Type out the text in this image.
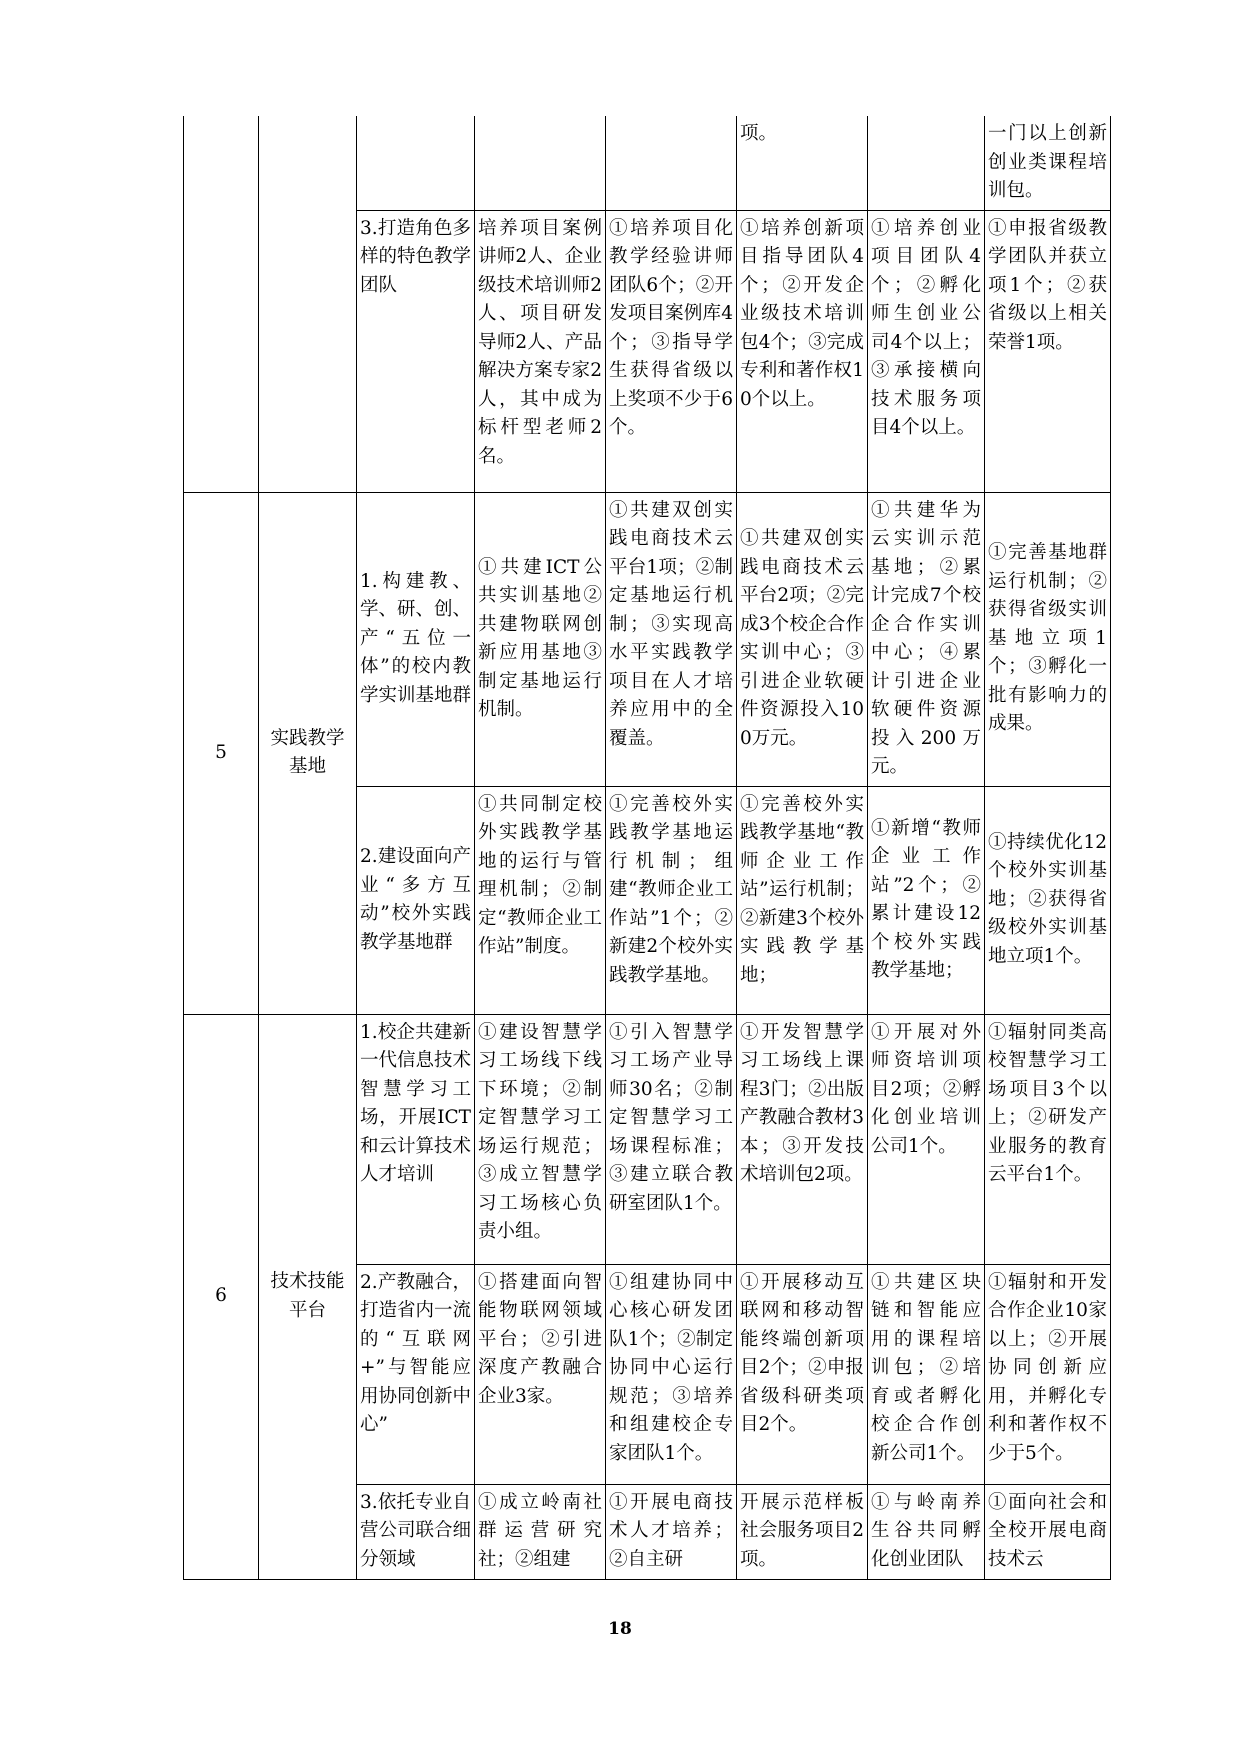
					项。		一门以上创新创业类课程培训包。

		3.打造角色多样的特色教学团队	培养项目案例讲师2人、企业级技术培训师2人、项目研发导师2人、产品解决方案专家2人，其中成为标杆型老师2名。	①培养项目化教学经验讲师团队6个；②开发项目案例库4个；③指导学生获得省级以上奖项不少于6个。	①培养创新项目指导团队4个；②开发企业级技术培训包4个；③完成专利和著作权10个以上。	①培养创业项目团队4个；②孵化师生创业公司4个以上；③承接横向技术服务项目4个以上。	①申报省级教学团队并获立项1个；②获省级以上相关荣誉1项。

5	实践教学基地	1.构建教、学、研、创、产“五位一体”的校内教学实训基地群	①共建ICT公共实训基地②共建物联网创新应用基地③制定基地运行机制。	①共建双创实践电商技术云平台1项；②制定基地运行机制；③实现高水平实践教学项目在人才培养应用中的全覆盖。	①共建双创实践电商技术云平台2项；②完成3个校企合作实训中心；③引进企业软硬件资源投入100万元。	①共建华为云实训示范基地；②累计完成7个校企合作实训中心；④累计引进企业软硬件资源投入200万元。	①完善基地群运行机制；②获得省级实训基地立项1个；③孵化一批有影响力的成果。

		2.建设面向产业“多方互动”校外实践教学基地群	①共同制定校外实践教学基地的运行与管理机制；②制定“教师企业工作站”制度。	①完善校外实践教学基地运行机制；组建“教师企业工作站”1个；②新建2个校外实践教学基地。	①完善校外实践教学基地“教师企业工作站”运行机制；②新建3个校外实践教学基地；	①新增“教师企业工作站”2个；②累计建设12个校外实践教学基地；	①持续优化12个校外实训基地；②获得省级校外实训基地立项1个。

6	技术技能平台	1.校企共建新一代信息技术智慧学习工场，开展ICT和云计算技术人才培训	①建设智慧学习工场线下线下环境；②制定智慧学习工场运行规范；③成立智慧学习工场核心负责小组。	①引入智慧学习工场产业导师30名；②制定智慧学习工场课程标准；③建立联合教研室团队1个。	①开发智慧学习工场线上课程3门；②出版产教融合教材3本；③开发技术培训包2项。	①开展对外师资培训项目2项；②孵化创业培训公司1个。	①辐射同类高校智慧学习工场项目3个以上；②研发产业服务的教育云平台1个。

		2.产教融合，打造省内一流的“互联网+”与智能应用协同创新中心”	①搭建面向智能物联网领域平台；②引进深度产教融合企业3家。	①组建协同中心核心研发团队1个；②制定协同中心运行规范；③培养和组建校企专家团队1个。	①开展移动互联网和移动智能终端创新项目2个；②申报省级科研类项目2个。	①共建区块链和智能应用的课程培训包；②培育或者孵化校企合作创新公司1个。	①辐射和开发合作企业10家以上；②开展协同创新应用，并孵化专利和著作权不少于5个。

		3.依托专业自营公司联合细分领域	①成立岭南社群运营研究社；②组建	①开展电商技术人才培养；②自主研	开展示范样板社会服务项目2项。	①与岭南养生谷共同孵化创业团队	①面向社会和全校开展电商技术云
18
